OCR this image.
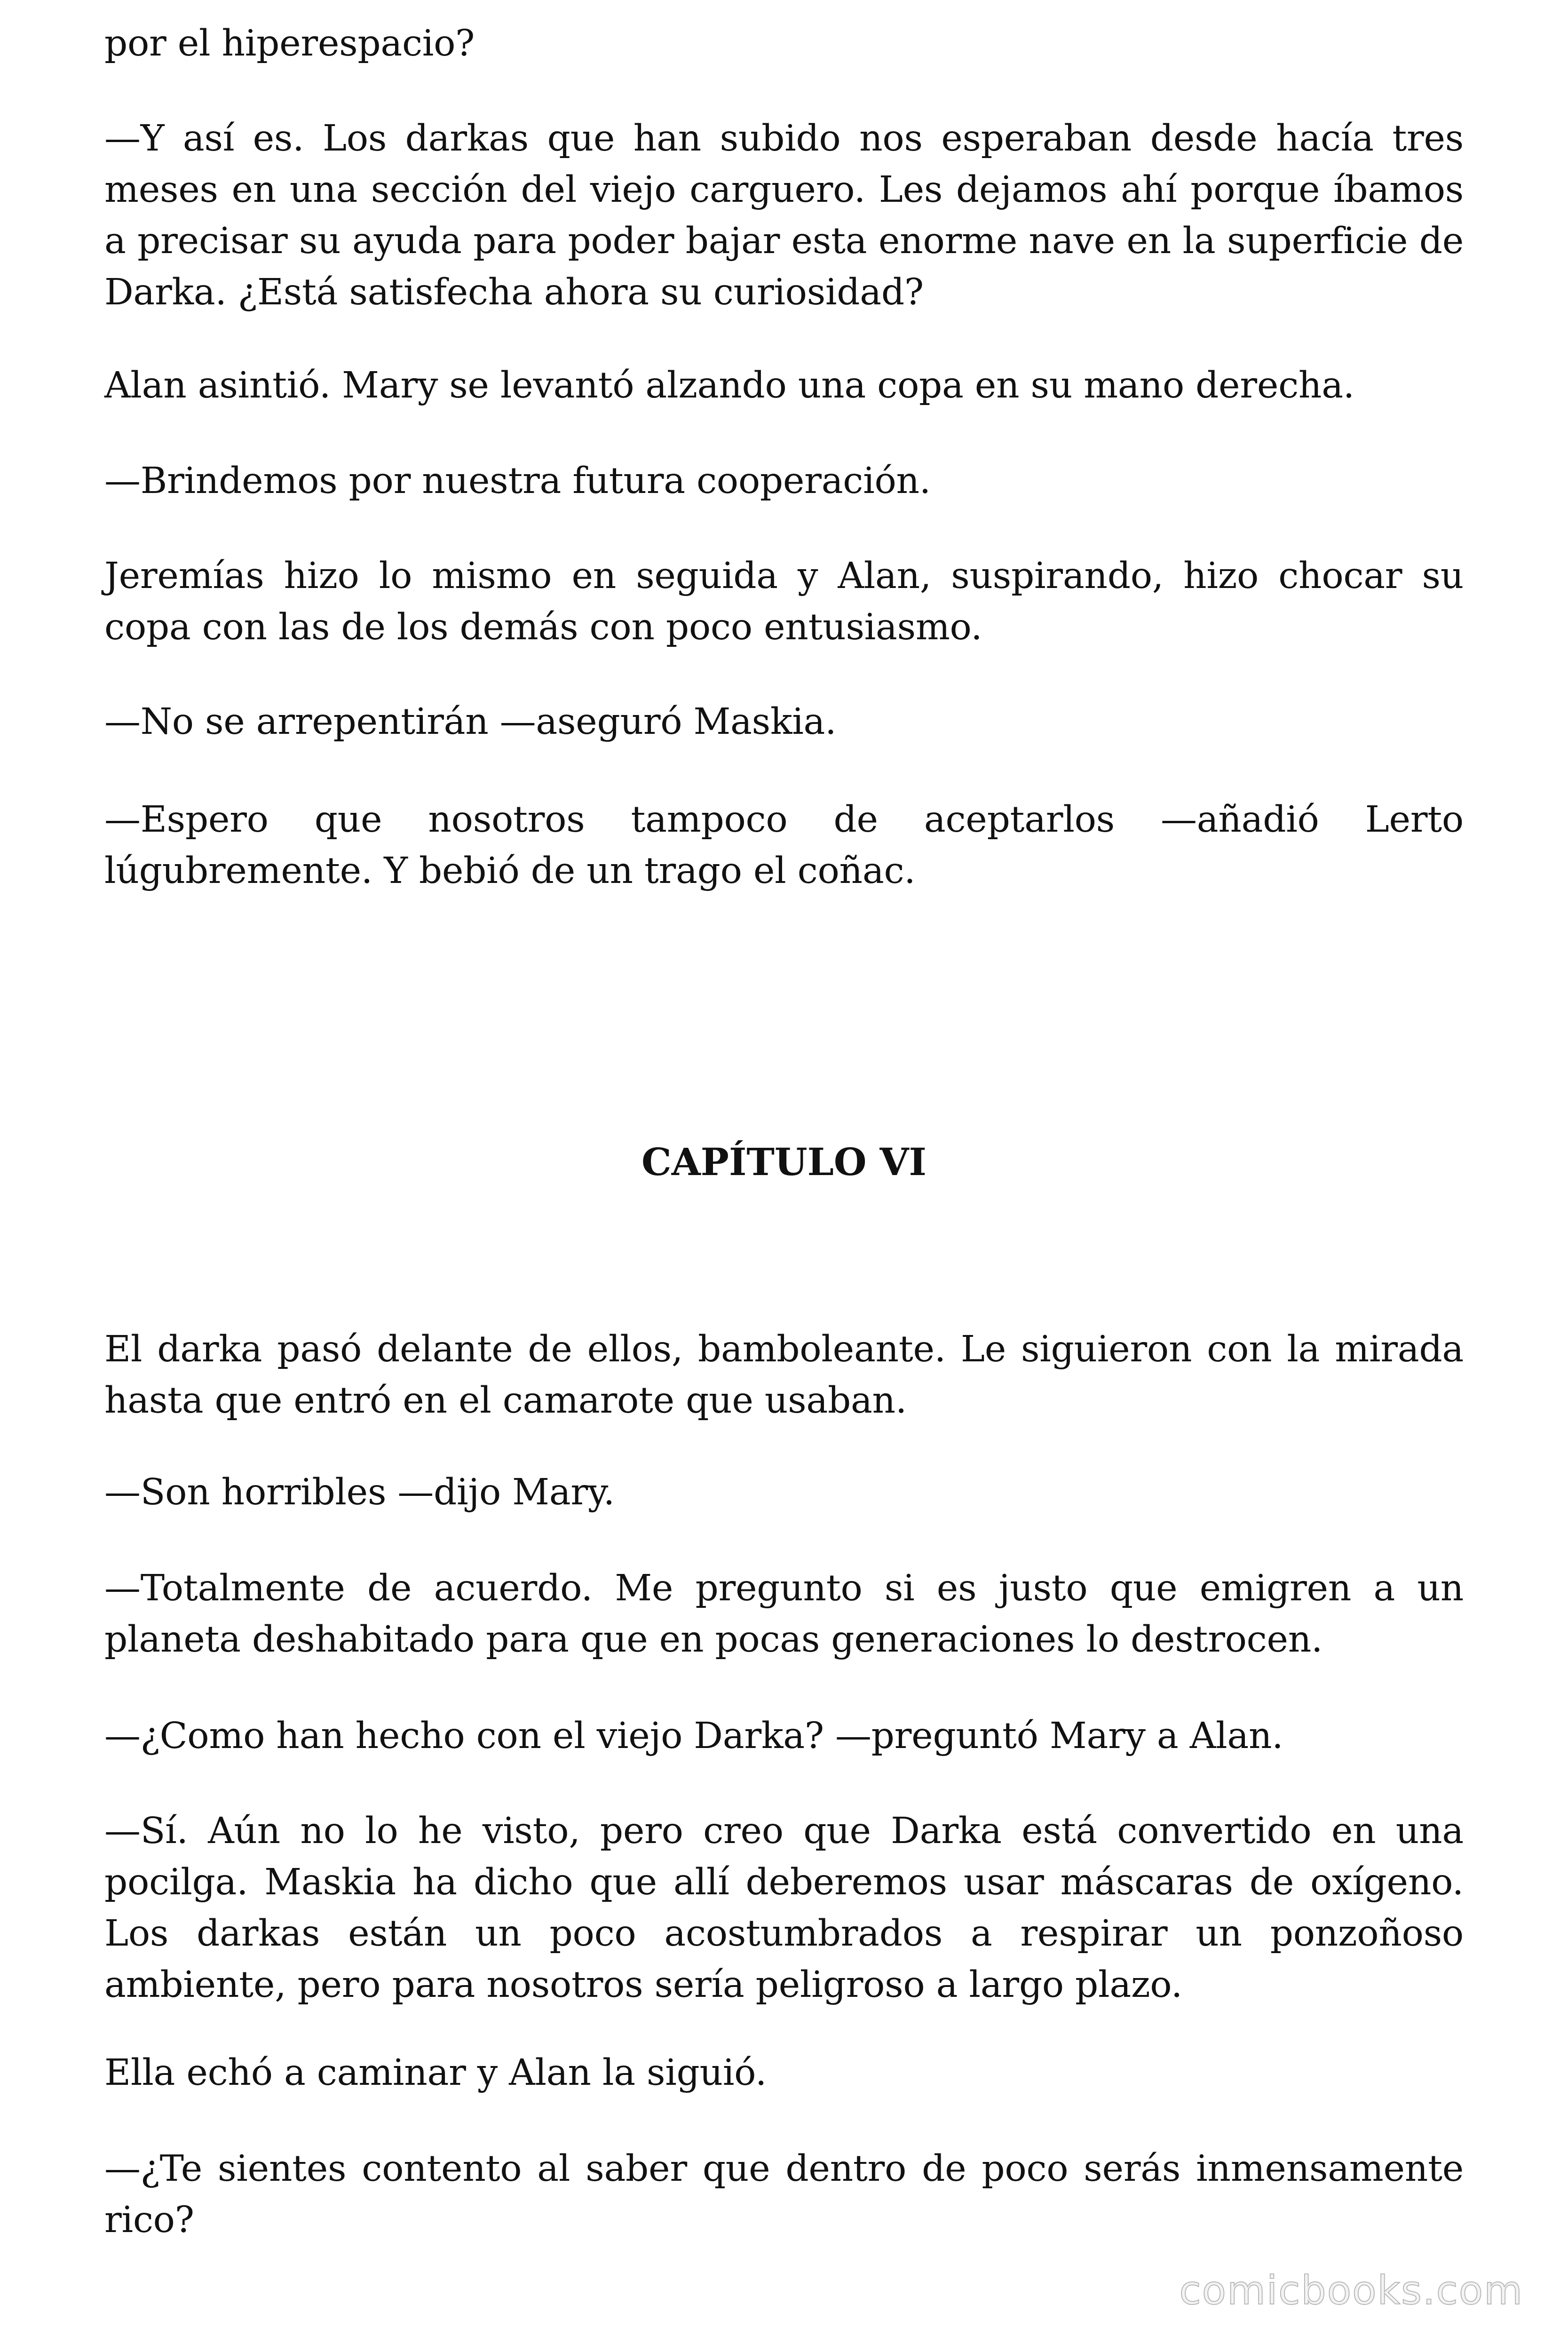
por el hiperespacio?

—Y así es. Los darkas que han subido nos esperaban desde hacía tres meses en una sección del viejo carguero. Les dejamos ahí porque íbamos a precisar su ayuda para poder bajar esta enorme nave en la superficie de Darka. ¿Está satisfecha ahora su curiosidad?

Alan asintió. Mary se levantó alzando una copa en su mano derecha.

—Brindemos por nuestra futura cooperación.

Jeremías hizo lo mismo en seguida y Alan, suspirando, hizo chocar su copa con las de los demás con poco entusiasmo.

—No se arrepentirán —aseguró Maskia.

—Espero que nosotros tampoco de aceptarlos —añadió Lerto lúgubremente. Y bebió de un trago el coñac.

CAPÍTULO VI

El darka pasó delante de ellos, bamboleante. Le siguieron con la mirada hasta que entró en el camarote que usaban.

—Son horribles —dijo Mary.

—Totalmente de acuerdo. Me pregunto si es justo que emigren a un planeta deshabitado para que en pocas generaciones lo destrocen.

—¿Como han hecho con el viejo Darka? —preguntó Mary a Alan.

—Sí. Aún no lo he visto, pero creo que Darka está convertido en una pocilga. Maskia ha dicho que allí deberemos usar máscaras de oxígeno. Los darkas están un poco acostumbrados a respirar un ponzoñoso ambiente, pero para nosotros sería peligroso a largo plazo.

Ella echó a caminar y Alan la siguió.

—¿Te sientes contento al saber que dentro de poco serás inmensamente rico?

comicbooks.com
